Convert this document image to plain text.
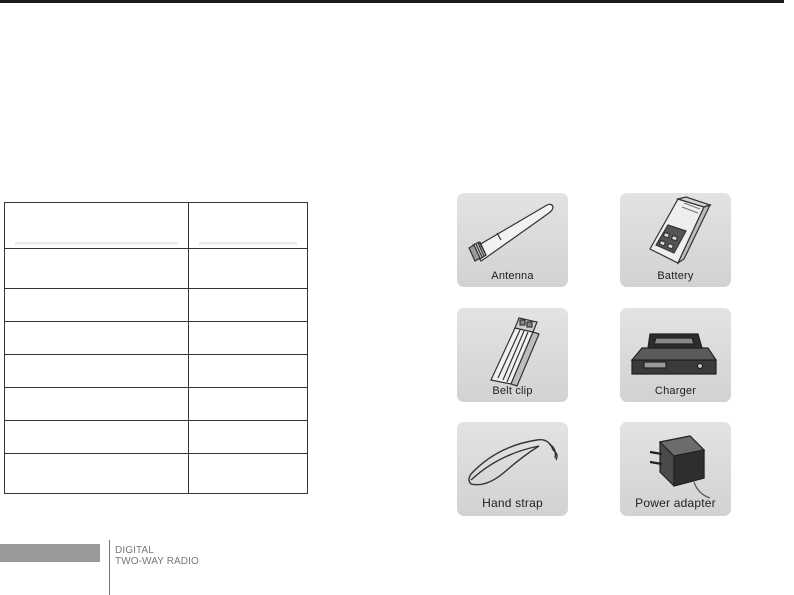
Antenna	Battery
Belt clip	Charger
Hand strap	Power adapter
DIGITAL
TWO-WAY RADIO
